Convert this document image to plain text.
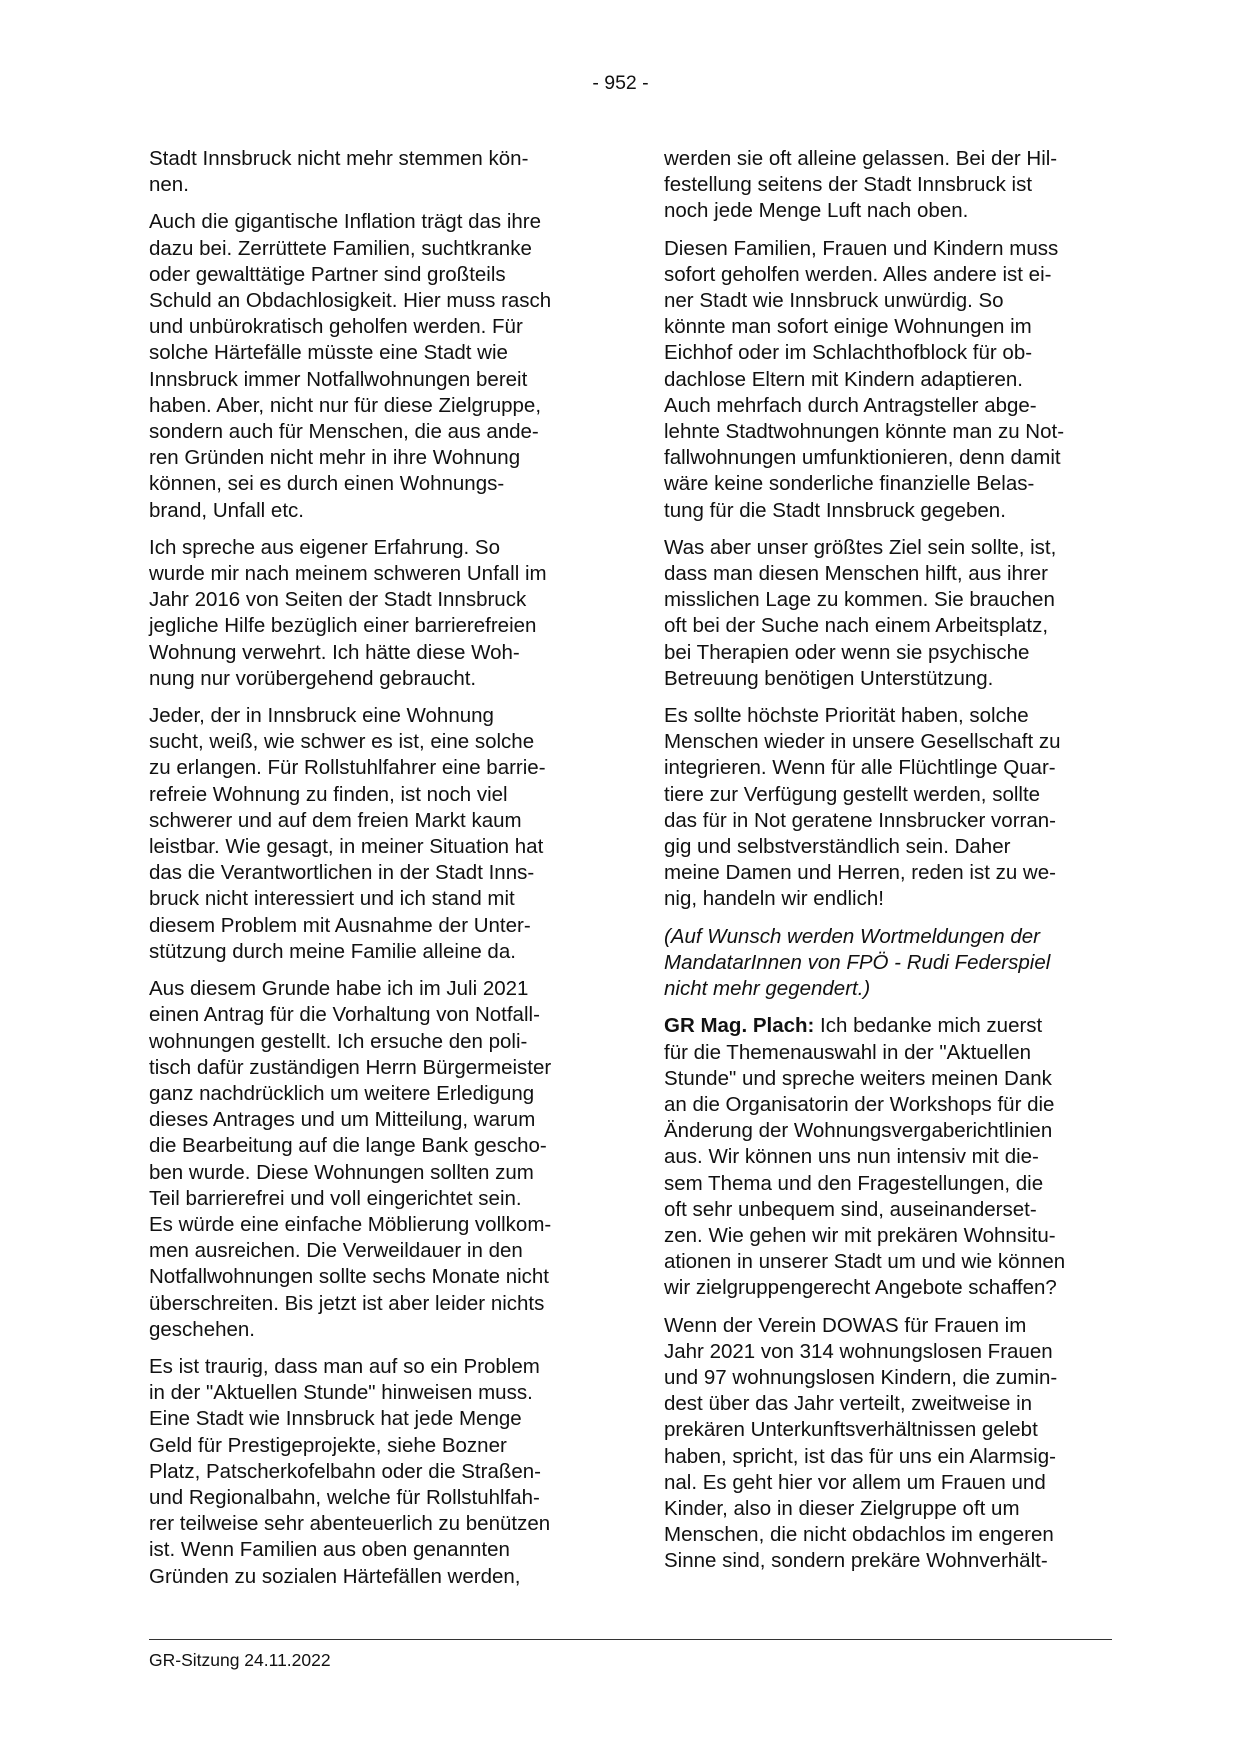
- 952 -

Stadt Innsbruck nicht mehr stemmen kön-
nen.

Auch die gigantische Inflation trägt das ihre
dazu bei. Zerrüttete Familien, suchtkranke
oder gewalttätige Partner sind großteils
Schuld an Obdachlosigkeit. Hier muss rasch
und unbürokratisch geholfen werden. Für
solche Härtefälle müsste eine Stadt wie
Innsbruck immer Notfallwohnungen bereit
haben. Aber, nicht nur für diese Zielgruppe,
sondern auch für Menschen, die aus ande-
ren Gründen nicht mehr in ihre Wohnung
können, sei es durch einen Wohnungs-
brand, Unfall etc.

Ich spreche aus eigener Erfahrung. So
wurde mir nach meinem schweren Unfall im
Jahr 2016 von Seiten der Stadt Innsbruck
jegliche Hilfe bezüglich einer barrierefreien
Wohnung verwehrt. Ich hätte diese Woh-
nung nur vorübergehend gebraucht.

Jeder, der in Innsbruck eine Wohnung
sucht, weiß, wie schwer es ist, eine solche
zu erlangen. Für Rollstuhlfahrer eine barrie-
refreie Wohnung zu finden, ist noch viel
schwerer und auf dem freien Markt kaum
leistbar. Wie gesagt, in meiner Situation hat
das die Verantwortlichen in der Stadt Inns-
bruck nicht interessiert und ich stand mit
diesem Problem mit Ausnahme der Unter-
stützung durch meine Familie alleine da.

Aus diesem Grunde habe ich im Juli 2021
einen Antrag für die Vorhaltung von Notfall-
wohnungen gestellt. Ich ersuche den poli-
tisch dafür zuständigen Herrn Bürgermeister
ganz nachdrücklich um weitere Erledigung
dieses Antrages und um Mitteilung, warum
die Bearbeitung auf die lange Bank gescho-
ben wurde. Diese Wohnungen sollten zum
Teil barrierefrei und voll eingerichtet sein.
Es würde eine einfache Möblierung vollkom-
men ausreichen. Die Verweildauer in den
Notfallwohnungen sollte sechs Monate nicht
überschreiten. Bis jetzt ist aber leider nichts
geschehen.

Es ist traurig, dass man auf so ein Problem
in der "Aktuellen Stunde" hinweisen muss.
Eine Stadt wie Innsbruck hat jede Menge
Geld für Prestigeprojekte, siehe Bozner
Platz, Patscherkofelbahn oder die Straßen-
und Regionalbahn, welche für Rollstuhlfah-
rer teilweise sehr abenteuerlich zu benützen
ist. Wenn Familien aus oben genannten
Gründen zu sozialen Härtefällen werden,

werden sie oft alleine gelassen. Bei der Hil-
festellung seitens der Stadt Innsbruck ist
noch jede Menge Luft nach oben.

Diesen Familien, Frauen und Kindern muss
sofort geholfen werden. Alles andere ist ei-
ner Stadt wie Innsbruck unwürdig. So
könnte man sofort einige Wohnungen im
Eichhof oder im Schlachthofblock für ob-
dachlose Eltern mit Kindern adaptieren.
Auch mehrfach durch Antragsteller abge-
lehnte Stadtwohnungen könnte man zu Not-
fallwohnungen umfunktionieren, denn damit
wäre keine sonderliche finanzielle Belas-
tung für die Stadt Innsbruck gegeben.

Was aber unser größtes Ziel sein sollte, ist,
dass man diesen Menschen hilft, aus ihrer
misslichen Lage zu kommen. Sie brauchen
oft bei der Suche nach einem Arbeitsplatz,
bei Therapien oder wenn sie psychische
Betreuung benötigen Unterstützung.

Es sollte höchste Priorität haben, solche
Menschen wieder in unsere Gesellschaft zu
integrieren. Wenn für alle Flüchtlinge Quar-
tiere zur Verfügung gestellt werden, sollte
das für in Not geratene Innsbrucker vorran-
gig und selbstverständlich sein. Daher
meine Damen und Herren, reden ist zu we-
nig, handeln wir endlich!

(Auf Wunsch werden Wortmeldungen der
MandatarInnen von FPÖ - Rudi Federspiel
nicht mehr gegendert.)

GR Mag. Plach: Ich bedanke mich zuerst
für die Themenauswahl in der "Aktuellen
Stunde" und spreche weiters meinen Dank
an die Organisatorin der Workshops für die
Änderung der Wohnungsvergaberichtlinien
aus. Wir können uns nun intensiv mit die-
sem Thema und den Fragestellungen, die
oft sehr unbequem sind, auseinanderset-
zen. Wie gehen wir mit prekären Wohnsitu-
ationen in unserer Stadt um und wie können
wir zielgruppengerecht Angebote schaffen?

Wenn der Verein DOWAS für Frauen im
Jahr 2021 von 314 wohnungslosen Frauen
und 97 wohnungslosen Kindern, die zumin-
dest über das Jahr verteilt, zweitweise in
prekären Unterkunftsverhältnissen gelebt
haben, spricht, ist das für uns ein Alarmsig-
nal. Es geht hier vor allem um Frauen und
Kinder, also in dieser Zielgruppe oft um
Menschen, die nicht obdachlos im engeren
Sinne sind, sondern prekäre Wohnverhält-

GR-Sitzung 24.11.2022
